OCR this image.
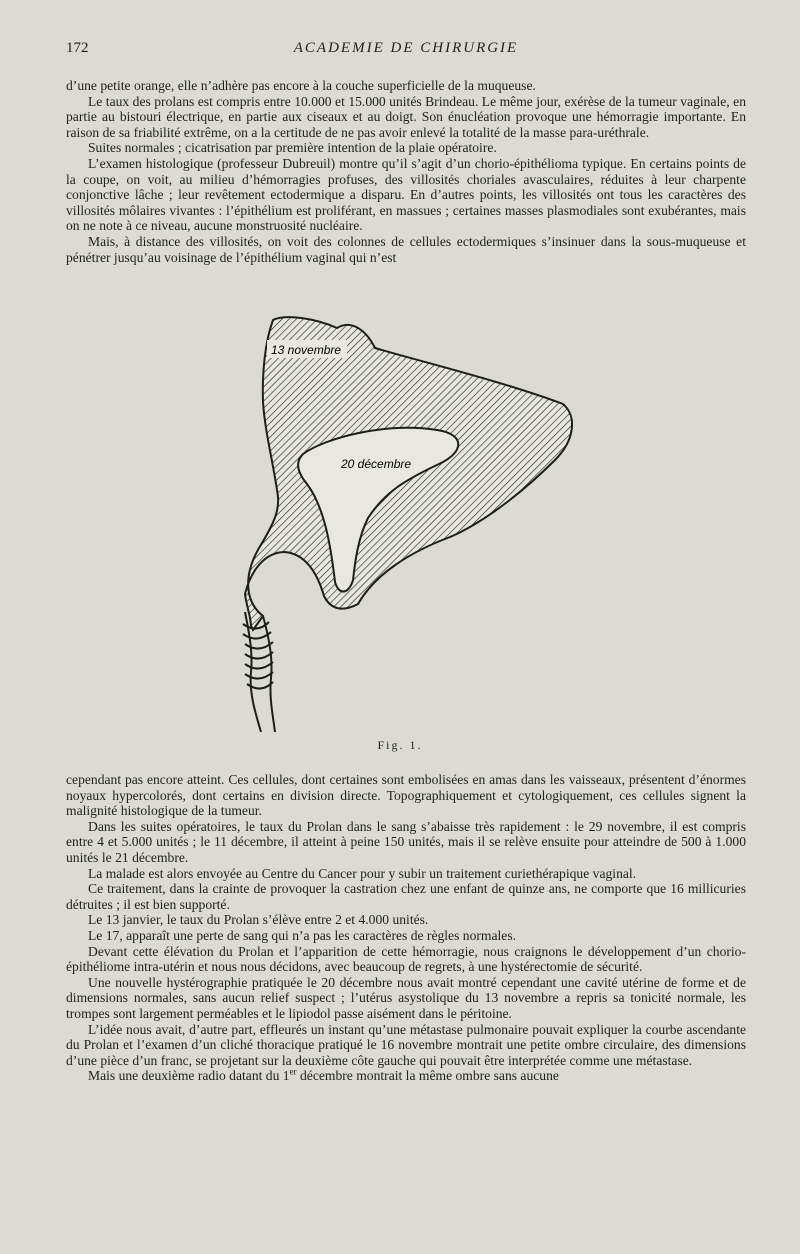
172	ACADEMIE DE CHIRURGIE

d’une petite orange, elle n’adhère pas encore à la couche superficielle de la muqueuse.

Le taux des prolans est compris entre 10.000 et 15.000 unités Brindeau. Le même jour, exérèse de la tumeur vaginale, en partie au bistouri électrique, en partie aux ciseaux et au doigt. Son énucléation provoque une hémorragie importante. En raison de sa friabilité extrême, on a la certitude de ne pas avoir enlevé la totalité de la masse para-uréthrale.

Suites normales ; cicatrisation par première intention de la plaie opératoire.

L’examen histologique (professeur Dubreuil) montre qu’il s’agit d’un chorio-épithélioma typique. En certains points de la coupe, on voit, au milieu d’hémorragies profuses, des villosités choriales avasculaires, réduites à leur charpente conjonctive lâche ; leur revêtement ectodermique a disparu. En d’autres points, les villosités ont tous les caractères des villosités môlaires vivantes : l’épithélium est proliférant, en massues ; certaines masses plasmodiales sont exubérantes, mais on ne note à ce niveau, aucune monstruosité nucléaire.

Mais, à distance des villosités, on voit des colonnes de cellules ectodermiques s’insinuer dans la sous-muqueuse et pénétrer jusqu’au voisinage de l’épithélium vaginal qui n’est

13 novembre
20 décembre
Fig. 1.

cependant pas encore atteint. Ces cellules, dont certaines sont embolisées en amas dans les vaisseaux, présentent d’énormes noyaux hypercolorés, dont certains en division directe. Topographiquement et cytologiquement, ces cellules signent la malignité histologique de la tumeur.

Dans les suites opératoires, le taux du Prolan dans le sang s’abaisse très rapidement : le 29 novembre, il est compris entre 4 et 5.000 unités ; le 11 décembre, il atteint à peine 150 unités, mais il se relève ensuite pour atteindre de 500 à 1.000 unités le 21 décembre.

La malade est alors envoyée au Centre du Cancer pour y subir un traitement curiethérapique vaginal.

Ce traitement, dans la crainte de provoquer la castration chez une enfant de quinze ans, ne comporte que 16 millicuries détruites ; il est bien supporté.

Le 13 janvier, le taux du Prolan s’élève entre 2 et 4.000 unités.

Le 17, apparaît une perte de sang qui n’a pas les caractères de règles normales.

Devant cette élévation du Prolan et l’apparition de cette hémorragie, nous craignons le développement d’un chorio-épithéliome intra-utérin et nous nous décidons, avec beaucoup de regrets, à une hystérectomie de sécurité.

Une nouvelle hystérographie pratiquée le 20 décembre nous avait montré cependant une cavité utérine de forme et de dimensions normales, sans aucun relief suspect ; l’utérus asystolique du 13 novembre a repris sa tonicité normale, les trompes sont largement perméables et le lipiodol passe aisément dans le péritoine.

L’idée nous avait, d’autre part, effleurés un instant qu’une métastase pulmonaire pouvait expliquer la courbe ascendante du Prolan et l’examen d’un cliché thoracique pratiqué le 16 novembre montrait une petite ombre circulaire, des dimensions d’une pièce d’un franc, se projetant sur la deuxième côte gauche qui pouvait être interprétée comme une métastase.

Mais une deuxième radio datant du 1er décembre montrait la même ombre sans aucune
